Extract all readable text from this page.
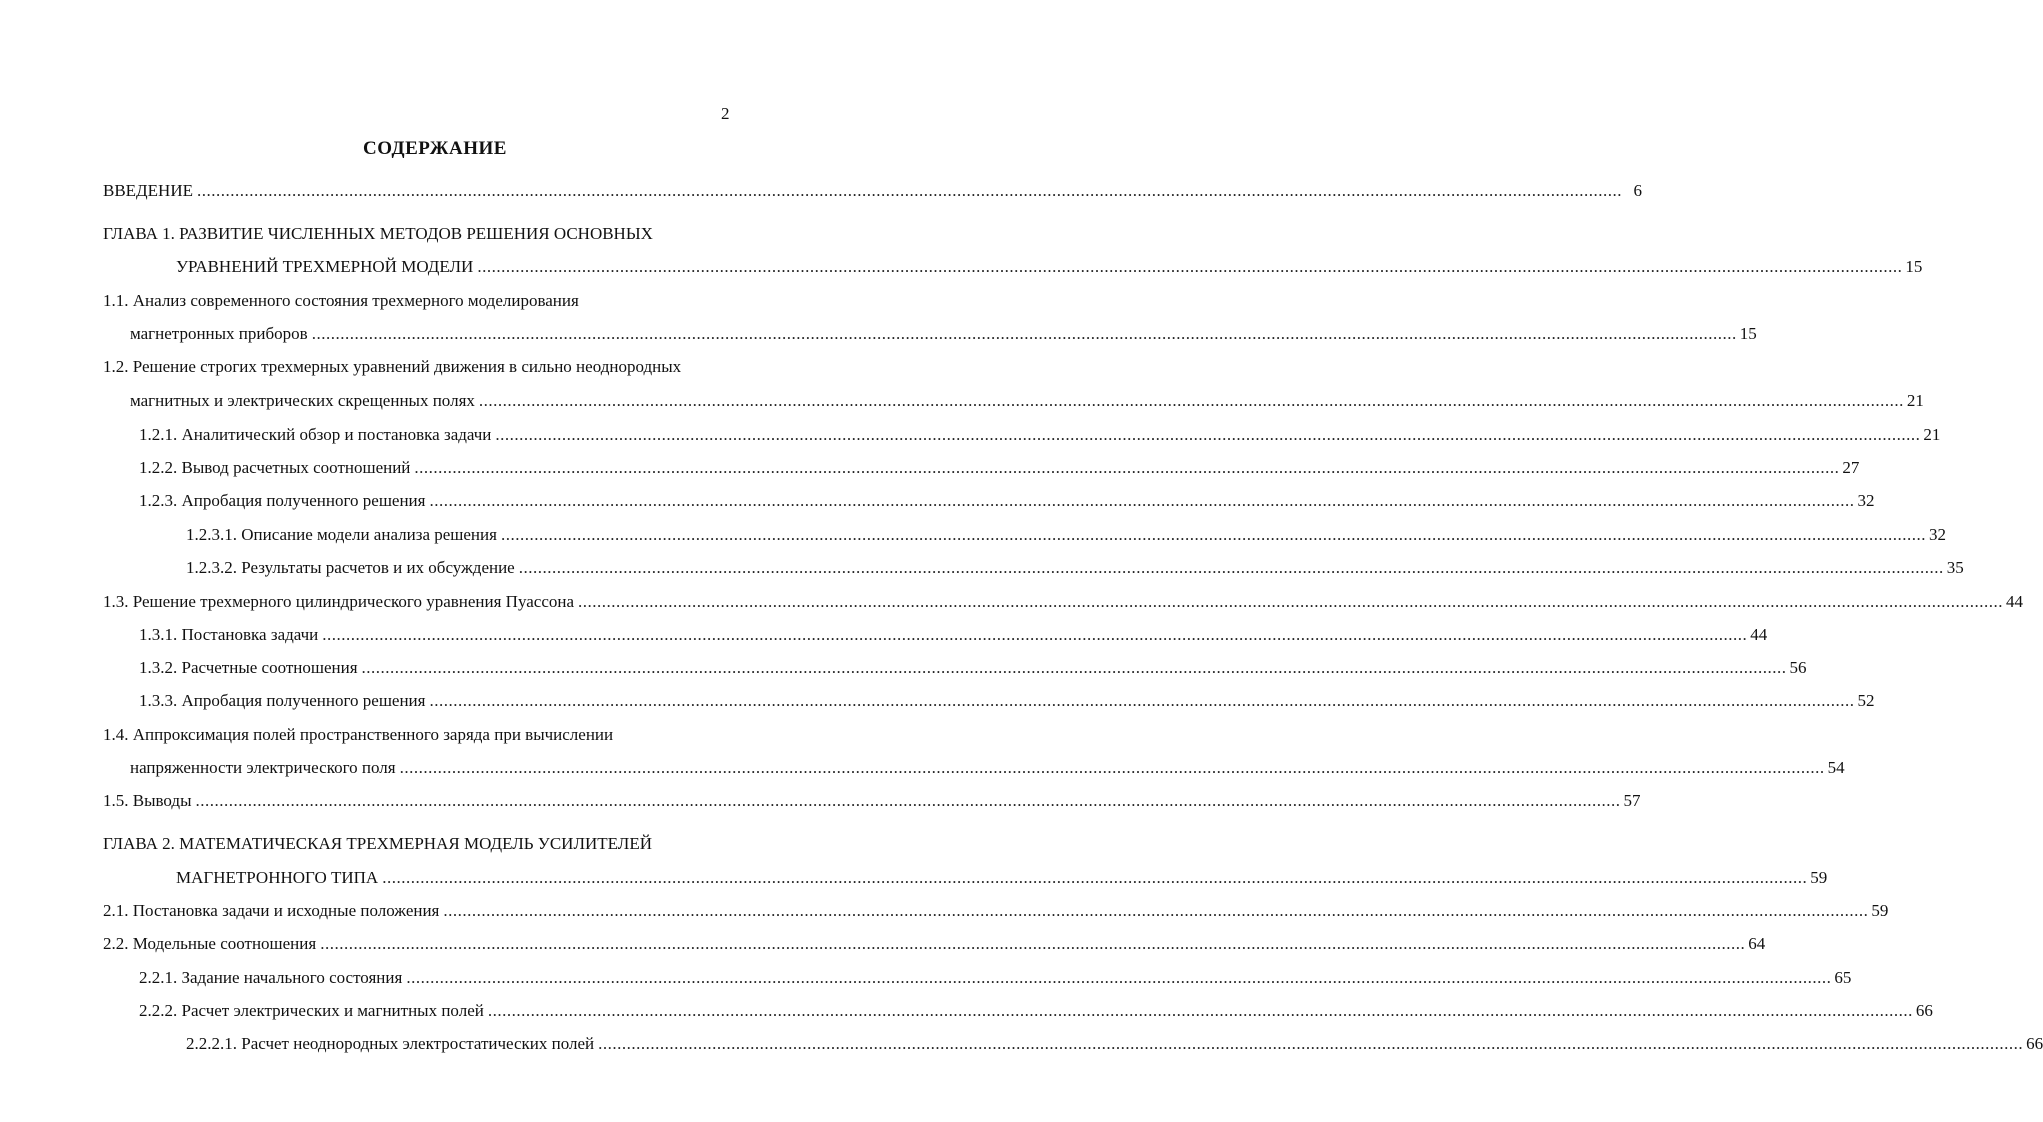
2
СОДЕРЖАНИЕ
ВВЕДЕНИЕ ............................................................................................................................................................................................................................................................................................................ 6
ГЛАВА 1. РАЗВИТИЕ ЧИСЛЕННЫХ МЕТОДОВ РЕШЕНИЯ ОСНОВНЫХ
УРАВНЕНИЙ ТРЕХМЕРНОЙ МОДЕЛИ ............................................................................................................................................................................................................................................................................................................ 15
1.1. Анализ современного состояния трехмерного моделирования
магнетронных приборов ............................................................................................................................................................................................................................................................................................................ 15
1.2. Решение строгих трехмерных уравнений движения в сильно неоднородных
магнитных и электрических скрещенных полях ............................................................................................................................................................................................................................................................................................................ 21
1.2.1. Аналитический обзор и постановка задачи ............................................................................................................................................................................................................................................................................................................ 21
1.2.2. Вывод расчетных соотношений ............................................................................................................................................................................................................................................................................................................ 27
1.2.3. Апробация полученного решения ............................................................................................................................................................................................................................................................................................................ 32
1.2.3.1. Описание модели анализа решения ............................................................................................................................................................................................................................................................................................................ 32
1.2.3.2. Результаты расчетов и их обсуждение ............................................................................................................................................................................................................................................................................................................ 35
1.3. Решение трехмерного цилиндрического уравнения Пуассона ............................................................................................................................................................................................................................................................................................................ 44
1.3.1. Постановка задачи ............................................................................................................................................................................................................................................................................................................ 44
1.3.2. Расчетные соотношения ............................................................................................................................................................................................................................................................................................................ 56
1.3.3. Апробация полученного решения ............................................................................................................................................................................................................................................................................................................ 52
1.4. Аппроксимация полей пространственного заряда при вычислении
напряженности электрического поля ............................................................................................................................................................................................................................................................................................................ 54
1.5. Выводы ............................................................................................................................................................................................................................................................................................................ 57
ГЛАВА 2. МАТЕМАТИЧЕСКАЯ ТРЕХМЕРНАЯ МОДЕЛЬ УСИЛИТЕЛЕЙ
МАГНЕТРОННОГО ТИПА ............................................................................................................................................................................................................................................................................................................ 59
2.1. Постановка задачи и исходные положения ............................................................................................................................................................................................................................................................................................................ 59
2.2. Модельные соотношения ............................................................................................................................................................................................................................................................................................................ 64
2.2.1. Задание начального состояния ............................................................................................................................................................................................................................................................................................................ 65
2.2.2. Расчет электрических и магнитных полей ............................................................................................................................................................................................................................................................................................................ 66
2.2.2.1. Расчет неоднородных электростатических полей ............................................................................................................................................................................................................................................................................................................ 66
